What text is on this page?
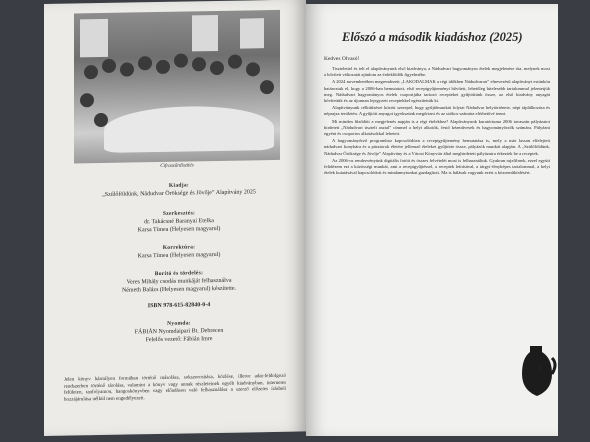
Cifraszűrdíszítés
Kiadja:
„Szűlőföldünk, Nádudvar Öröksége és Jövője” Alapítvány 2025
Szerkesztés:
dr. Takácsné Baranyai Etelka
Karsa Tímea (Helyesen magyarul)
Korrektúra:
Karsa Tímea (Helyesen magyarul)
Borító és tördelés:
Veres Mihály csodás munkáját felhasználva
Németh Balázs (Helyesen magyarul) készítette.
ISBN 978-615-82840-0-4
Nyomda:
FÁBIÁN Nyomdaipari Bt. Debrecen
Felelős vezető: Fábián Imre
Jelen könyv bármilyen formában történő másolása, sokszorosítása, közlése, illetve adat-feldolgozó rendszerben történő tárolása, valamint a könyv vagy annak részleteinek egyéb kiadványban, internetes felületen, tanfolyamon, hangoskönyvben vagy előadáson való felhasználása a szerző előzetes írásbeli hozzájárulása nélkül nem engedélyezett.
Előszó a második kiadáshoz (2025)
Kedves Olvasó!

Tisztelettel és telt el alapítványunk első kiadványa, a Nádudvari hagyományos ételek megjelenése óta, melynek most a bővített változatát ajánlom az érdeklődők figyelmébe.

A 2024 novemberében megrendezett „LAKODALMAK a régi időkben Nádudvaron” elnevezésű alapítványi estünkön határoztuk el, hogy a 2006-ban bemutatott, első receptgyűjteményt bővített, lehetőleg hitelesebb tartalommal jelentetjük meg. Nádudvari hagyományos ételek csoportjába tartozó recepteket gyűjtöttünk össze, az első kiadvány anyagát bővítettük és az újonnan lejegyzett receptekkel egészítettük ki.

Alapítványunk célkitűzései között szerepel, hogy gyűjtőmunkát folytat Nádudvar helytörténete, népi táplálkozása és néprajza területén. A gyűjtött anyagot igyekszünk megőrizni és az utókor számára elérhetővé tenni.

Mi minden fűződött a megjelenés napján is a régi ételekhez? Alapítványunk kuratóriuma 2006 tavaszán pályázatot hirdetett „Nádudvari tiszteli asztal” címmel a helyi alkotók, festő kézművesek és hagyományőrzők számára. Pályázni egyéni és csoportos alkotásokkal lehetett.

A hagyományőrző programhoz kapcsolódóan a receptgyűjtemény bemutatása is, mely a már lassan elfelejtett nádudvari konyhára és a pásztorok életére jellemző ételeket gyűjtötte össze, pályázók munkái alapján. A „Szülőföldünk, Nádudvar Öröksége és Jövője” Alapítvány és a Városi Könyvtár által meghirdetett pályázatra érkeztek be a receptek.

Az 2006-os rendezvényünk digitális fotóit és összes felvételét most is felhasználtuk. Gyakran rajzfilmek, ezzel együtt felidézem ezt a közösségi munkát, ami a receptgyűjtéssel, a receptek leírásával, a tárgyi-fényképes tartalommal, a helyi ételek kutatásával kapcsolódott és mindannyiunkat gazdagított. Ma is hálásak vagyunk ezért a közreműködésért.

5
